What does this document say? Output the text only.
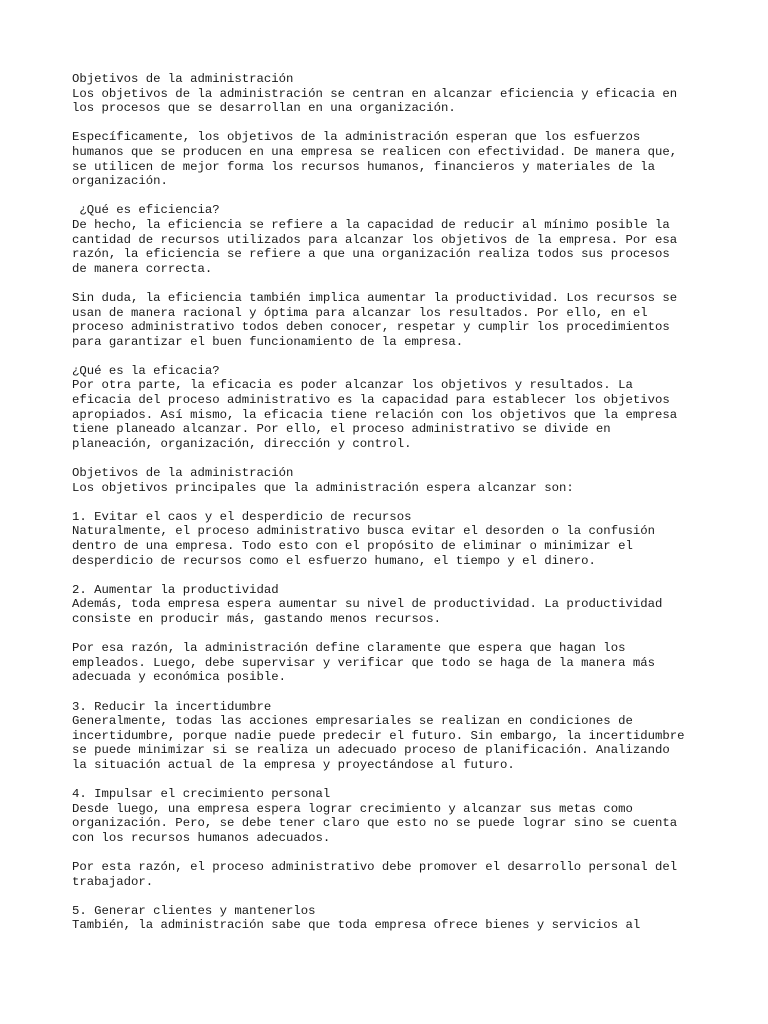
Objetivos de la administración
Los objetivos de la administración se centran en alcanzar eficiencia y eficacia en
los procesos que se desarrollan en una organización.
Específicamente, los objetivos de la administración esperan que los esfuerzos
humanos que se producen en una empresa se realicen con efectividad. De manera que,
se utilicen de mejor forma los recursos humanos, financieros y materiales de la
organización.
¿Qué es eficiencia?
De hecho, la eficiencia se refiere a la capacidad de reducir al mínimo posible la
cantidad de recursos utilizados para alcanzar los objetivos de la empresa. Por esa
razón, la eficiencia se refiere a que una organización realiza todos sus procesos
de manera correcta.
Sin duda, la eficiencia también implica aumentar la productividad. Los recursos se
usan de manera racional y óptima para alcanzar los resultados. Por ello, en el
proceso administrativo todos deben conocer, respetar y cumplir los procedimientos
para garantizar el buen funcionamiento de la empresa.
¿Qué es la eficacia?
Por otra parte, la eficacia es poder alcanzar los objetivos y resultados. La
eficacia del proceso administrativo es la capacidad para establecer los objetivos
apropiados. Así mismo, la eficacia tiene relación con los objetivos que la empresa
tiene planeado alcanzar. Por ello, el proceso administrativo se divide en
planeación, organización, dirección y control.
Objetivos de la administración
Los objetivos principales que la administración espera alcanzar son:
1. Evitar el caos y el desperdicio de recursos
Naturalmente, el proceso administrativo busca evitar el desorden o la confusión
dentro de una empresa. Todo esto con el propósito de eliminar o minimizar el
desperdicio de recursos como el esfuerzo humano, el tiempo y el dinero.
2. Aumentar la productividad
Además, toda empresa espera aumentar su nivel de productividad. La productividad
consiste en producir más, gastando menos recursos.
Por esa razón, la administración define claramente que espera que hagan los
empleados. Luego, debe supervisar y verificar que todo se haga de la manera más
adecuada y económica posible.
3. Reducir la incertidumbre
Generalmente, todas las acciones empresariales se realizan en condiciones de
incertidumbre, porque nadie puede predecir el futuro. Sin embargo, la incertidumbre
se puede minimizar si se realiza un adecuado proceso de planificación. Analizando
la situación actual de la empresa y proyectándose al futuro.
4. Impulsar el crecimiento personal
Desde luego, una empresa espera lograr crecimiento y alcanzar sus metas como
organización. Pero, se debe tener claro que esto no se puede lograr sino se cuenta
con los recursos humanos adecuados.
Por esta razón, el proceso administrativo debe promover el desarrollo personal del
trabajador.
5. Generar clientes y mantenerlos
También, la administración sabe que toda empresa ofrece bienes y servicios al
